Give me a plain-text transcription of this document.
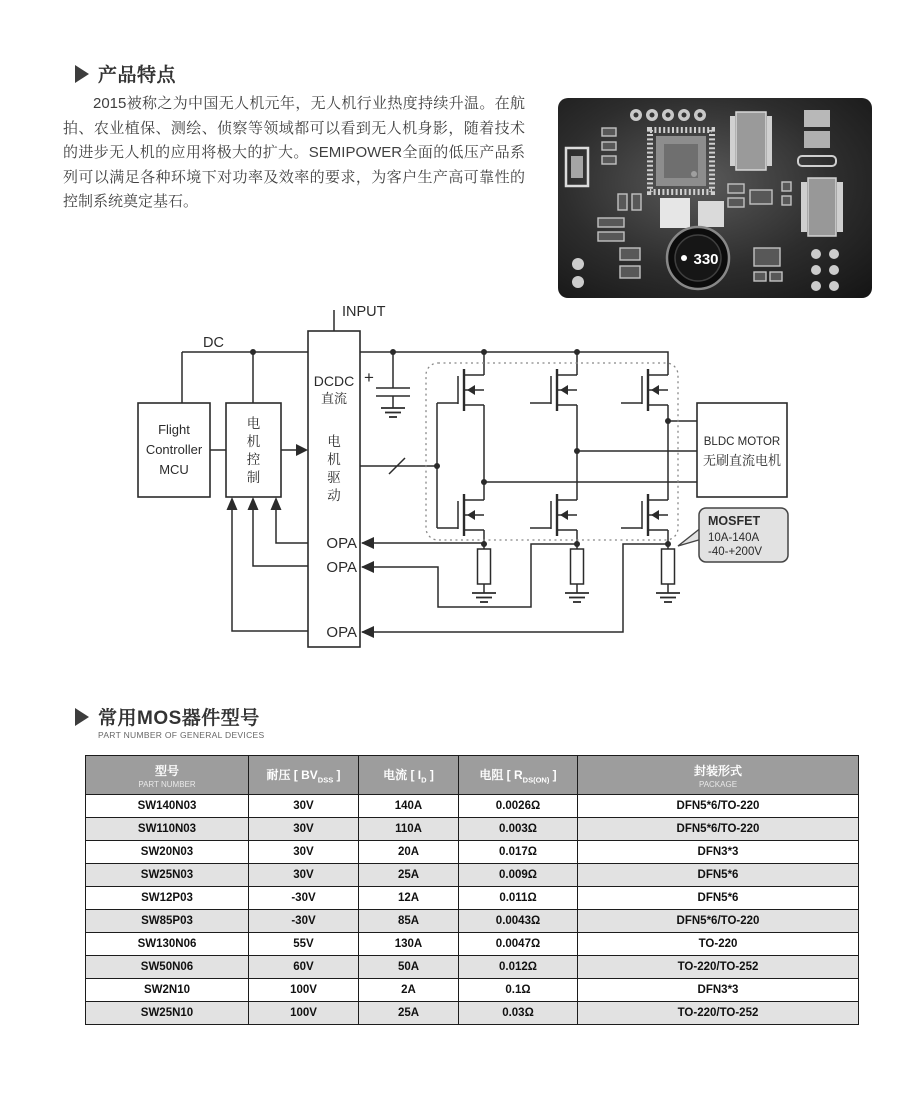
产品特点
2015被称之为中国无人机元年，无人机行业热度持续升温。在航拍、农业植保、测绘、侦察等领域都可以看到无人机身影，随着技术的进步无人机的应用将极大的扩大。SEMIPOWER全面的低压产品系列可以满足各种环境下对功率及效率的要求，为客户生产高可靠性的控制系统奠定基石。
330
+
INPUT
DC
Flight
Controller
MCU
电
机
控
制
DCDC
直流
电
机
驱
动
OPA
OPA
OPA
BLDC MOTOR
无刷直流电机
MOSFET
10A-140A
-40-+200V
常用MOS器件型号
PART NUMBER OF GENERAL DEVICES
型号
PART NUMBER
	耐压 [ $BV_{DSS}$ ]	电流 [ $I_D$ ]	电阻 [ $R_{DS(ON)}$ ]	封装形式
PACKAGE

SW140N03	30V	140A	0.0026Ω	DFN5*6/TO-220
SW110N03	30V	110A	0.003Ω	DFN5*6/TO-220
SW20N03	30V	20A	0.017Ω	DFN3*3
SW25N03	30V	25A	0.009Ω	DFN5*6
SW12P03	-30V	12A	0.011Ω	DFN5*6
SW85P03	-30V	85A	0.0043Ω	DFN5*6/TO-220
SW130N06	55V	130A	0.0047Ω	TO-220
SW50N06	60V	50A	0.012Ω	TO-220/TO-252
SW2N10	100V	2A	0.1Ω	DFN3*3
SW25N10	100V	25A	0.03Ω	TO-220/TO-252
